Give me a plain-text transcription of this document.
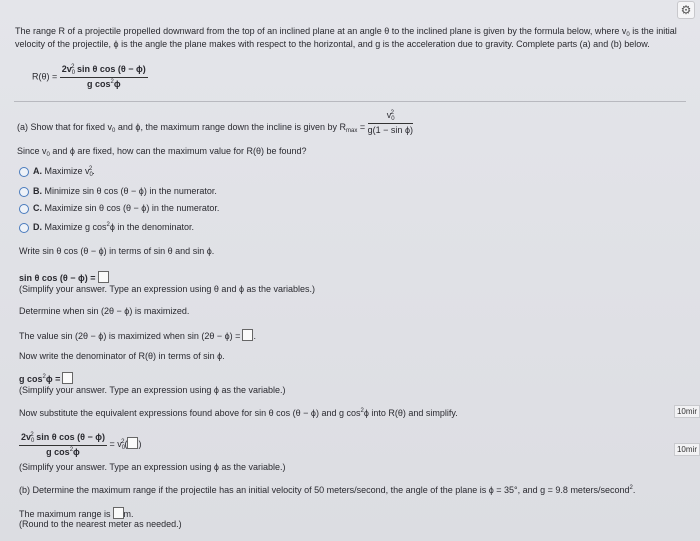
⚙
The range R of a projectile propelled downward from the top of an inclined plane at an angle θ to the inclined plane is given by the formula below, where $v_0$ is the initial
velocity of the projectile, ϕ is the angle the plane makes with respect to the horizontal, and g is the acceleration due to gravity. Complete parts (a) and (b) below.
$R(\theta) = \frac{2v_0^2 \sin \theta \cos (\theta - \phi)}{g \cos^2\phi}$
(a) Show that for fixed $v_0$ and ϕ, the maximum range down the incline is given by $R_{max} = \frac{v_0^2}{\text{g(1 − sin ϕ)}}$
Since $v_0$ and ϕ are fixed, how can the maximum value for R(θ) be found?
A. Maximize $v_0^2$.
B. Minimize sin θ cos (θ − ϕ) in the numerator.
C. Maximize sin θ cos (θ − ϕ) in the numerator.
D. Maximize g $\cos^2\phi$ in the denominator.
Write sin θ cos (θ − ϕ) in terms of sin θ and sin ϕ.
sin θ cos (θ − ϕ) =
(Simplify your answer. Type an expression using θ and ϕ as the variables.)
Determine when sin (2θ − ϕ) is maximized.
The value sin (2θ − ϕ) is maximized when sin (2θ − ϕ) = .
Now write the denominator of R(θ) in terms of sin ϕ.
g $\cos^2\phi$ =
(Simplify your answer. Type an expression using ϕ as the variable.)
Now substitute the equivalent expressions found above for sin θ cos (θ − ϕ) and g $\cos^2\phi$ into R(θ) and simplify.
$\frac{2v_0^2 \sin \theta \cos (\theta - \phi)}{g \cos^2\phi} = v_0^2$( )
(Simplify your answer. Type an expression using ϕ as the variable.)
(b) Determine the maximum range if the projectile has an initial velocity of 50 meters/second, the angle of the plane is ϕ = 35°, and g = 9.8 meters/second$^2$.
The maximum range is m.
(Round to the nearest meter as needed.)
10mir
10mir
